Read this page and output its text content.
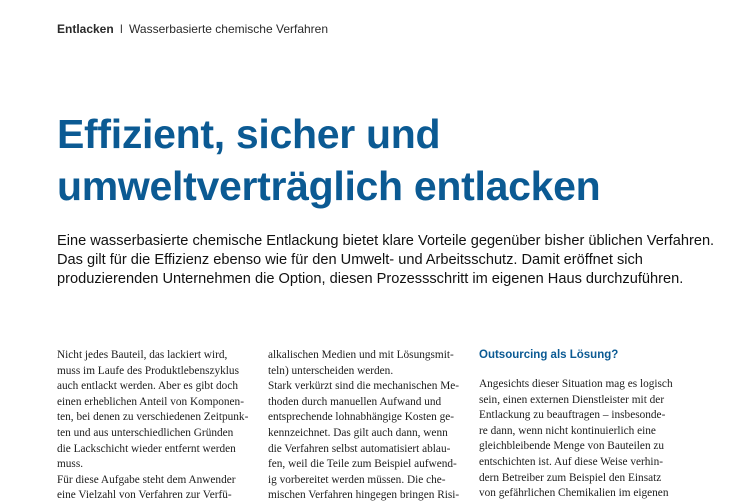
Entlacken I Wasserbasierte chemische Verfahren
Effizient, sicher und
umweltverträglich entlacken

Eine wasserbasierte chemische Entlackung bietet klare Vorteile gegenüber bisher üblichen Verfahren.
Das gilt für die Effizienz ebenso wie für den Umwelt- und Arbeitsschutz. Damit eröffnet sich
produzierenden Unternehmen die Option, diesen Prozessschritt im eigenen Haus durchzuführen.

Nicht jedes Bauteil, das lackiert wird,
muss im Laufe des Produktlebenszyklus
auch entlackt werden. Aber es gibt doch
einen erheblichen Anteil von Komponen-
ten, bei denen zu verschiedenen Zeitpunk-
ten und aus unterschiedlichen Gründen
die Lackschicht wieder entfernt werden
muss.
Für diese Aufgabe steht dem Anwender
eine Vielzahl von Verfahren zur Verfü-
alkalischen Medien und mit Lösungsmit-
teln) unterscheiden werden.
Stark verkürzt sind die mechanischen Me-
thoden durch manuellen Aufwand und
entsprechende lohnabhängige Kosten ge-
kennzeichnet. Das gilt auch dann, wenn
die Verfahren selbst automatisiert ablau-
fen, weil die Teile zum Beispiel aufwend-
ig vorbereitet werden müssen. Die che-
mischen Verfahren hingegen bringen Risi-
Outsourcing als Lösung?
Angesichts dieser Situation mag es logisch
sein, einen externen Dienstleister mit der
Entlackung zu beauftragen – insbesonde-
re dann, wenn nicht kontinuierlich eine
gleichbleibende Menge von Bauteilen zu
entschichten ist. Auf diese Weise verhin-
dern Betreiber zum Beispiel den Einsatz
von gefährlichen Chemikalien im eigenen
